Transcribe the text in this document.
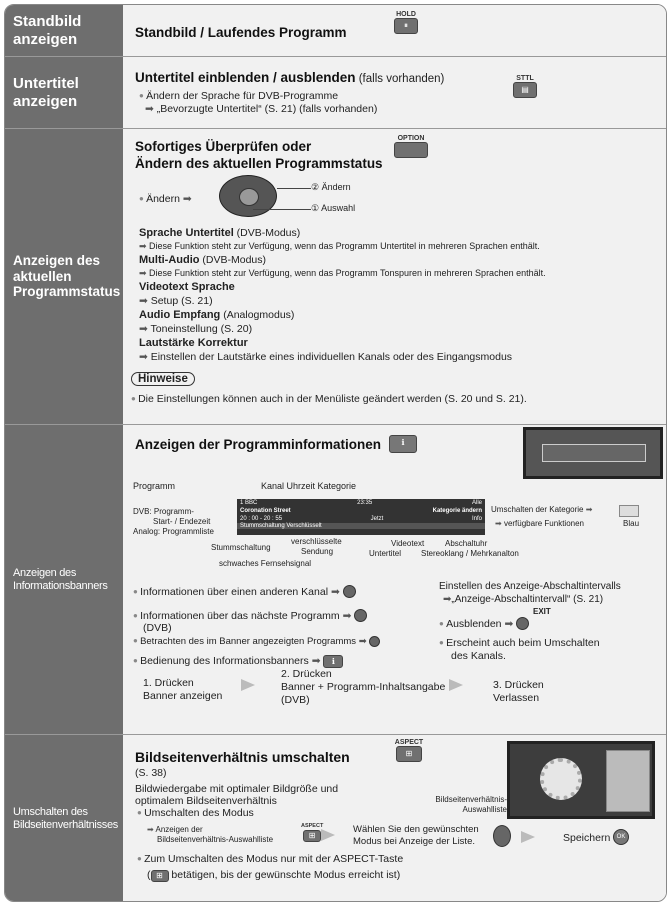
Standbild anzeigen	Standbild / Laufendes Programm
HOLD
⏸
Untertitel anzeigen
Untertitel einblenden / ausblenden (falls vorhanden)	STTL
▤
● Ändern der Sprache für DVB-Programme
➡ „Bevorzugte Untertitel“ (S. 21) (falls vorhanden)
Anzeigen des aktuellen Programmstatus
Sofortiges Überprüfen oder
Ändern des aktuellen Programmstatus
OPTION
● Ändern ➡
② Ändern
① Auswahl
Sprache Untertitel (DVB-Modus)
➡ Diese Funktion steht zur Verfügung, wenn das Programm Untertitel in mehreren Sprachen enthält.
Multi-Audio (DVB-Modus)
➡ Diese Funktion steht zur Verfügung, wenn das Programm Tonspuren in mehreren Sprachen enthält.
Videotext Sprache
➡ Setup (S. 21)
Audio Empfang (Analogmodus)
➡ Toneinstellung (S. 20)
Lautstärke Korrektur
➡ Einstellen der Lautstärke eines individuellen Kanals oder des Eingangsmodus
Hinweise
● Die Einstellungen können auch in der Menüliste geändert werden (S. 20 und S. 21).
Anzeigen des Informationsbanners
Anzeigen der Programminformationen	ℹ
Programm	Kanal Uhrzeit Kategorie
1 BBC	23:35	Alle
Coronation Street	Kategorie ändern
20 : 00 - 20 : 55	Jetzt	Info
Stummschaltung Verschlüsselt
DVB: Programm-
Start- / Endezeit
Analog: Programmliste
Umschalten der Kategorie ➡
Blau
➡ verfügbare Funktionen
Stummschaltung
verschlüsselte
Sendung
schwaches Fernsehsignal
Videotext
Untertitel
Abschaltuhr
Stereoklang / Mehrkanalton
● Informationen über einen anderen Kanal ➡
● Informationen über das nächste Programm ➡
(DVB)
● Betrachten des im Banner angezeigten Programms ➡
● Bedienung des Informationsbanners ➡ ℹ
Einstellen des Anzeige-Abschaltintervalls
➡„Anzeige-Abschaltintervall“ (S. 21)
EXIT
● Ausblenden ➡
● Erscheint auch beim Umschalten
des Kanals.
1. Drücken
Banner anzeigen
2. Drücken
Banner + Programm-Inhaltsangabe
(DVB)
3. Drücken
Verlassen
Umschalten des Bildseitenverhältnisses
Bildseitenverhältnis umschalten
ASPECT
⊞
(S. 38)
Bildwiedergabe mit optimaler Bildgröße und
optimalem Bildseitenverhältnis
● Umschalten des Modus
➡ Anzeigen der
Bildseitenverhältnis-Auswahlliste
ASPECT
⊞
Wählen Sie den gewünschten
Modus bei Anzeige der Liste.	Speichern	OK
Bildseitenverhältnis-
Auswahlliste
● Zum Umschalten des Modus nur mit der ASPECT-Taste
( ⊞ betätigen, bis der gewünschte Modus erreicht ist)
